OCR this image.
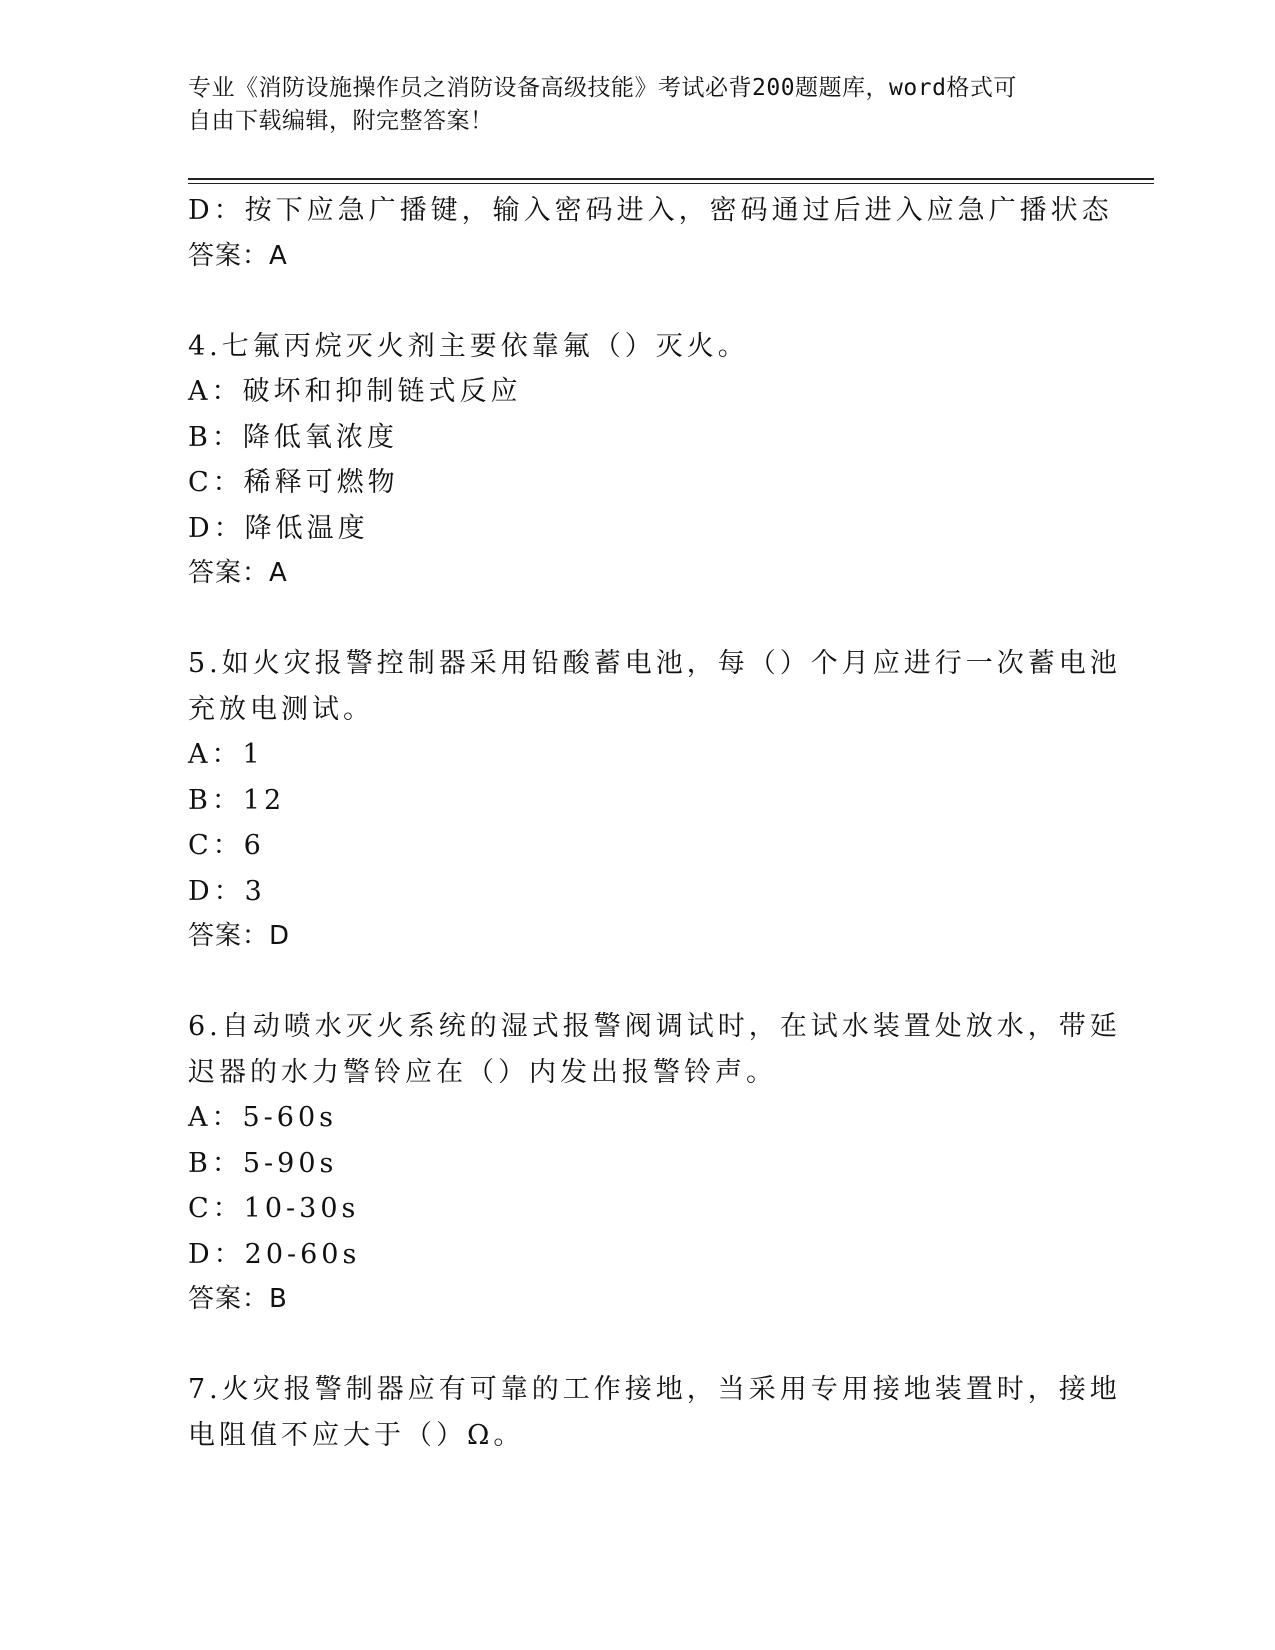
专业《消防设施操作员之消防设备高级技能》考试必背200题题库，word格式可
自由下载编辑，附完整答案！
D：按下应急广播键，输入密码进入，密码通过后进入应急广播状态
答案：A
4.七氟丙烷灭火剂主要依靠氟（）灭火。
A：破坏和抑制链式反应
B：降低氧浓度
C：稀释可燃物
D：降低温度
答案：A
5.如火灾报警控制器采用铅酸蓄电池，每（）个月应进行一次蓄电池
充放电测试。
A：1
B：12
C：6
D：3
答案：D
6.自动喷水灭火系统的湿式报警阀调试时，在试水装置处放水，带延
迟器的水力警铃应在（）内发出报警铃声。
A：5-60s
B：5-90s
C：10-30s
D：20-60s
答案：B
7.火灾报警制器应有可靠的工作接地，当采用专用接地装置时，接地
电阻值不应大于（）Ω。
